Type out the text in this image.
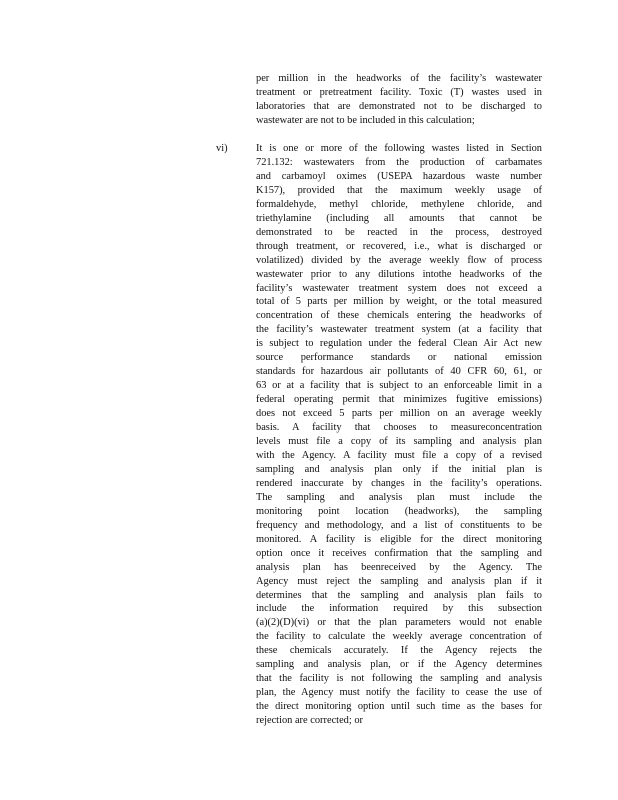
per million in the headworks of the facility’s wastewater
treatment or pretreatment facility. Toxic (T) wastes used in
laboratories that are demonstrated not to be discharged to
wastewater are not to be included in this calculation;
vi)	It is one or more of the following wastes listed in Section
721.132: wastewaters from the production of carbamates
and carbamoyl oximes (USEPA hazardous waste number
K157), provided that the maximum weekly usage of
formaldehyde, methyl chloride, methylene chloride, and
triethylamine (including all amounts that cannot be
demonstrated to be reacted in the process, destroyed
through treatment, or recovered, i.e., what is discharged or
volatilized) divided by the average weekly flow of process
wastewater prior to any dilutions intothe headworks of the
facility’s wastewater treatment system does not exceed a
total of 5 parts per million by weight, or the total measured
concentration of these chemicals entering the headworks of
the facility’s wastewater treatment system (at a facility that
is subject to regulation under the federal Clean Air Act new
source performance standards or national emission
standards for hazardous air pollutants of 40 CFR 60, 61, or
63 or at a facility that is subject to an enforceable limit in a
federal operating permit that minimizes fugitive emissions)
does not exceed 5 parts per million on an average weekly
basis. A facility that chooses to measureconcentration
levels must file a copy of its sampling and analysis plan
with the Agency. A facility must file a copy of a revised
sampling and analysis plan only if the initial plan is
rendered inaccurate by changes in the facility’s operations.
The sampling and analysis plan must include the
monitoring point location (headworks), the sampling
frequency and methodology, and a list of constituents to be
monitored. A facility is eligible for the direct monitoring
option once it receives confirmation that the sampling and
analysis plan has beenreceived by the Agency. The
Agency must reject the sampling and analysis plan if it
determines that the sampling and analysis plan fails to
include the information required by this subsection
(a)(2)(D)(vi) or that the plan parameters would not enable
the facility to calculate the weekly average concentration of
these chemicals accurately. If the Agency rejects the
sampling and analysis plan, or if the Agency determines
that the facility is not following the sampling and analysis
plan, the Agency must notify the facility to cease the use of
the direct monitoring option until such time as the bases for
rejection are corrected; or
